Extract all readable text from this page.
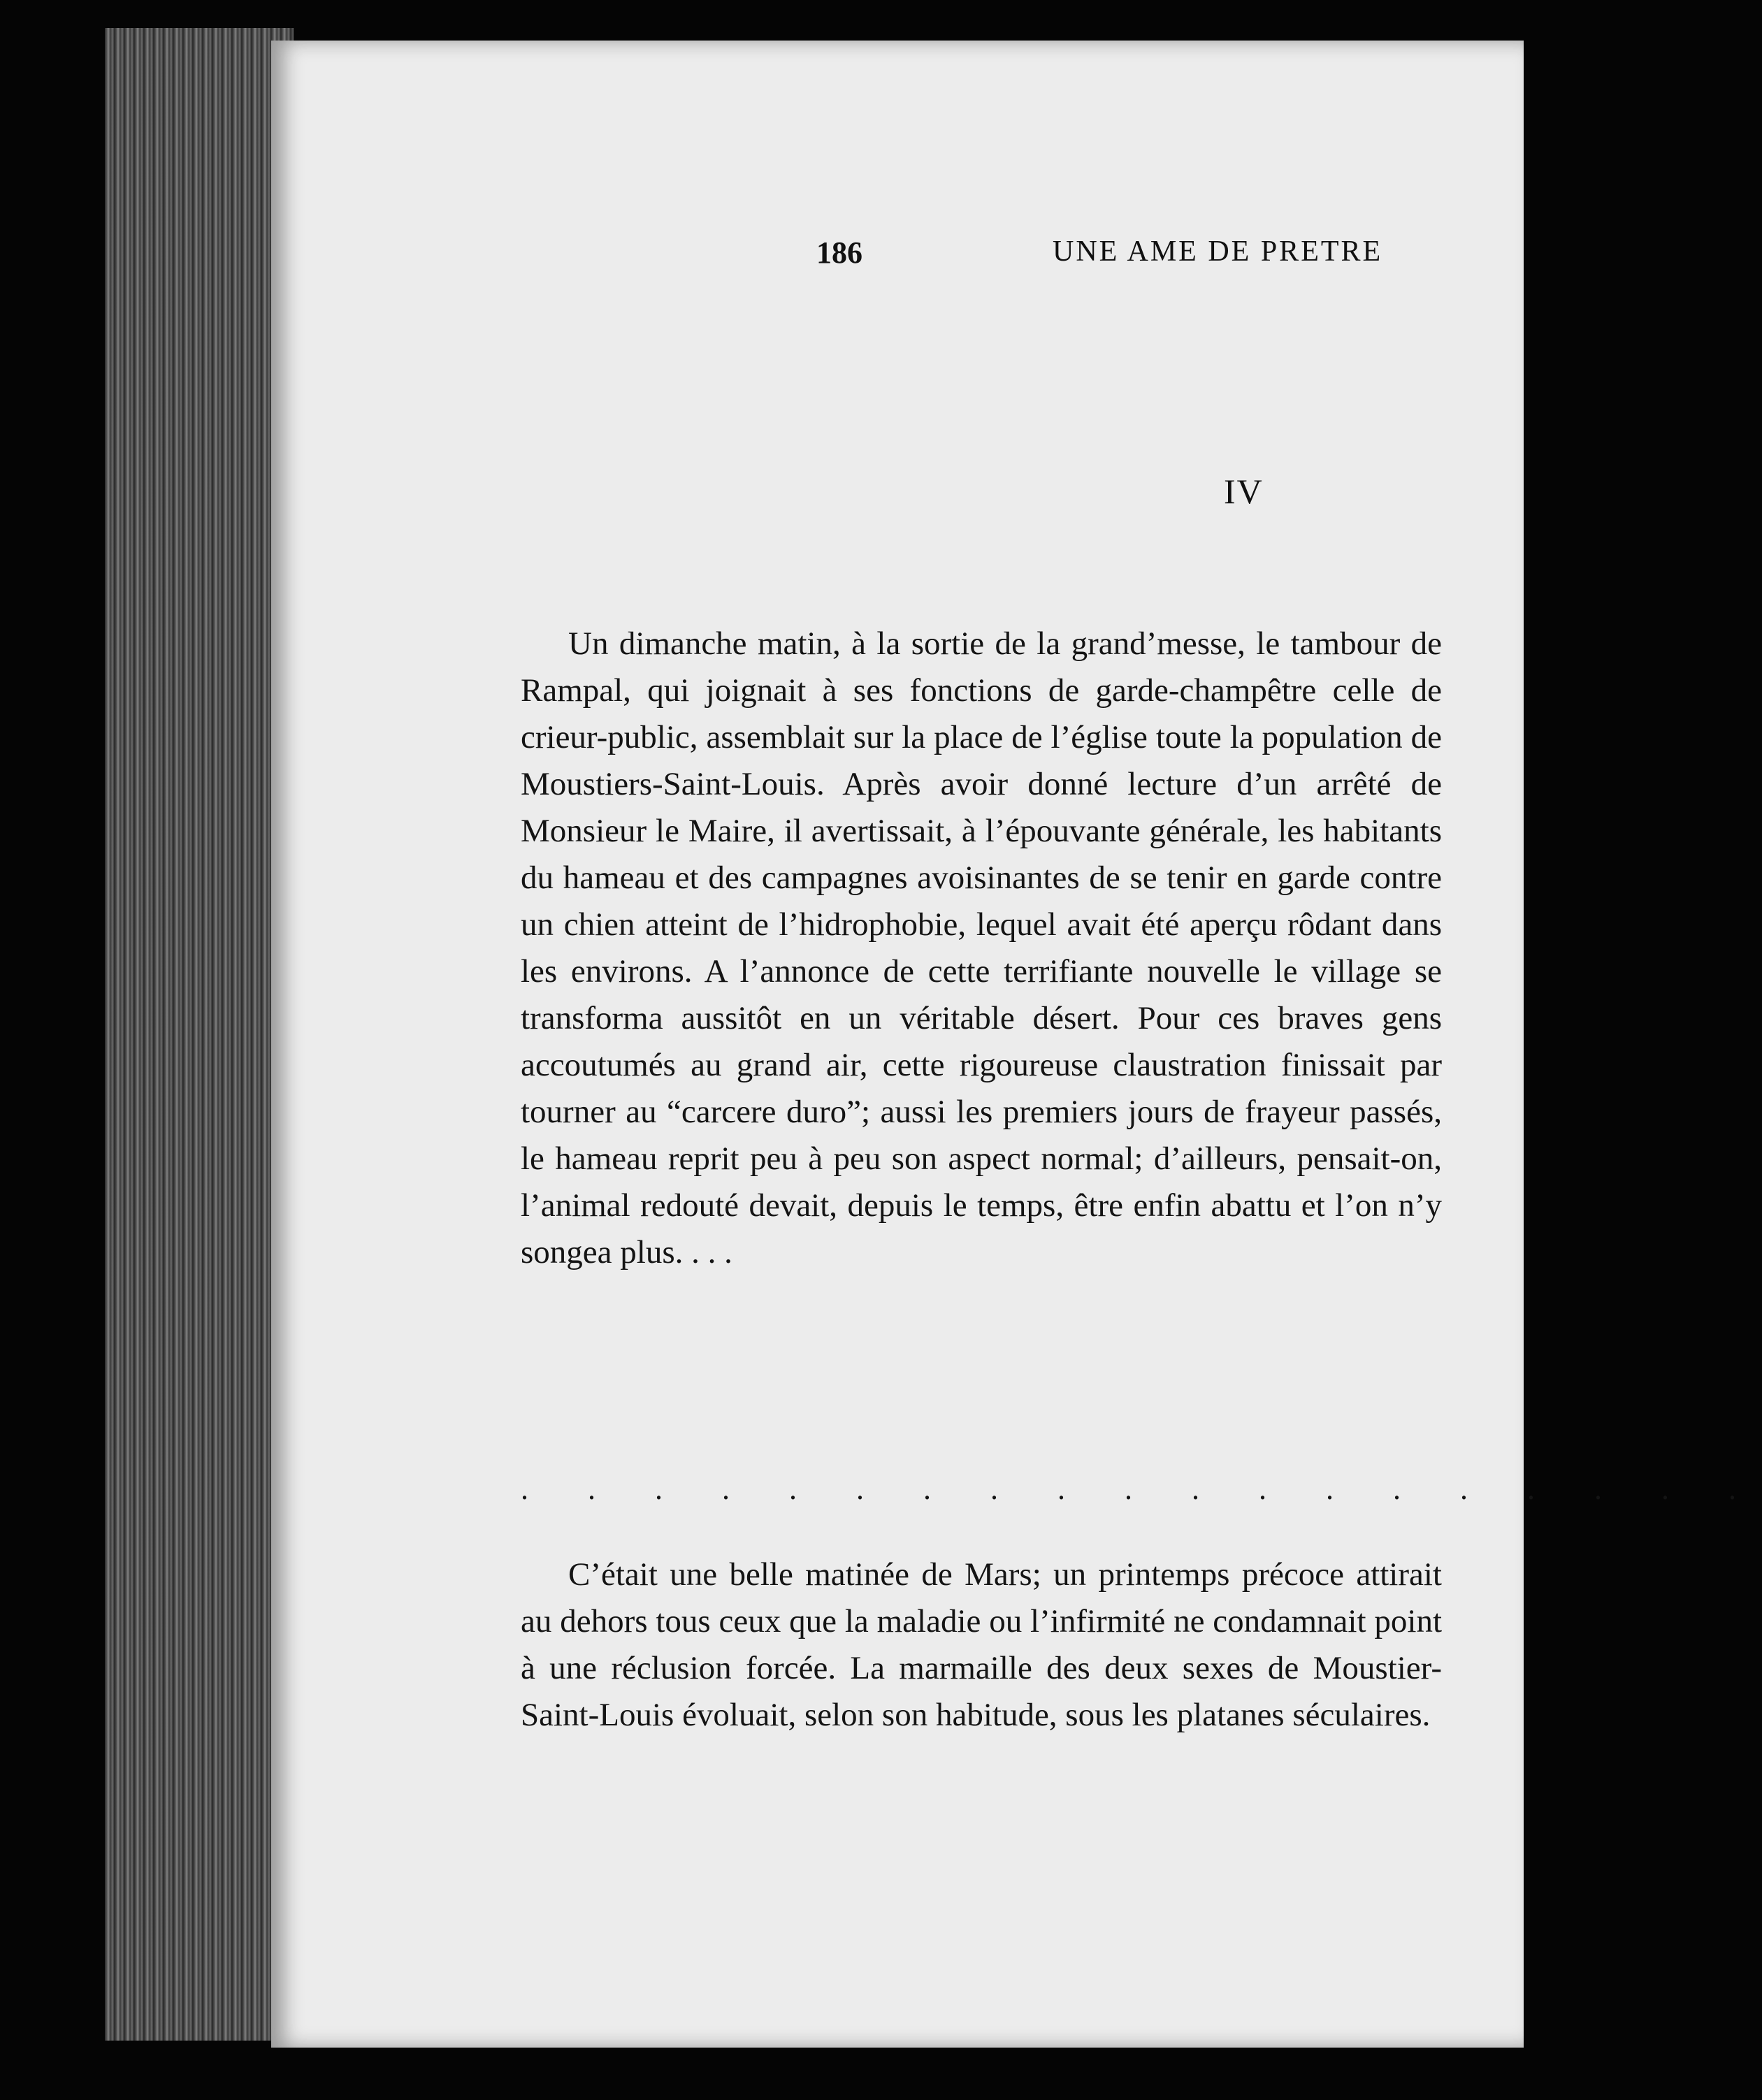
186	UNE AME DE PRETRE
IV

Un dimanche matin, à la sortie de la grand’messe, le tambour de Rampal, qui joignait à ses fonctions de garde-champêtre celle de crieur-public, assemblait sur la place de l’église toute la population de Moustiers-Saint-Louis. Après avoir donné lecture d’un arrêté de Monsieur le Maire, il avertissait, à l’épouvante générale, les habitants du hameau et des campagnes avoisinantes de se tenir en garde contre un chien atteint de l’hidrophobie, lequel avait été aperçu rôdant dans les environs. A l’annonce de cette terrifiante nouvelle le village se transforma aussitôt en un véritable désert. Pour ces braves gens accoutumés au grand air, cette rigoureuse claustration finissait par tourner au “carcere duro”; aussi les premiers jours de frayeur passés, le hameau reprit peu à peu son aspect normal; d’ailleurs, pensait-on, l’animal redouté devait, depuis le temps, être enfin abattu et l’on n’y songea plus. . . .

. . . . . . . . . . . . . . . . . . .

C’était une belle matinée de Mars; un printemps précoce attirait au dehors tous ceux que la maladie ou l’infirmité ne condamnait point à une réclusion forcée. La marmaille des deux sexes de Moustier-Saint-Louis évoluait, selon son habitude, sous les platanes séculaires.
